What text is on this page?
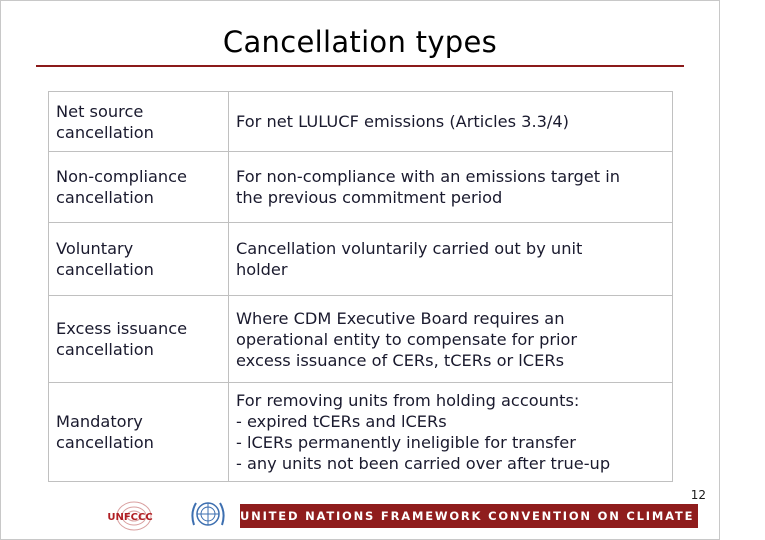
Cancellation types
Net source
cancellation	For net LULUCF emissions (Articles 3.3/4)

Non-compliance
cancellation	For non-compliance with an emissions target in
the previous commitment period

Voluntary
cancellation	Cancellation voluntarily carried out by unit
holder

Excess issuance
cancellation	Where CDM Executive Board requires an
operational entity to compensate for prior
excess issuance of CERs, tCERs or lCERs

Mandatory
cancellation	For removing units from holding accounts:
- expired tCERs and lCERs
- lCERs permanently ineligible for transfer
- any units not been carried over after true-up
12
UNFCCC	UNITED NATIONS FRAMEWORK CONVENTION ON CLIMATE CHANGE
